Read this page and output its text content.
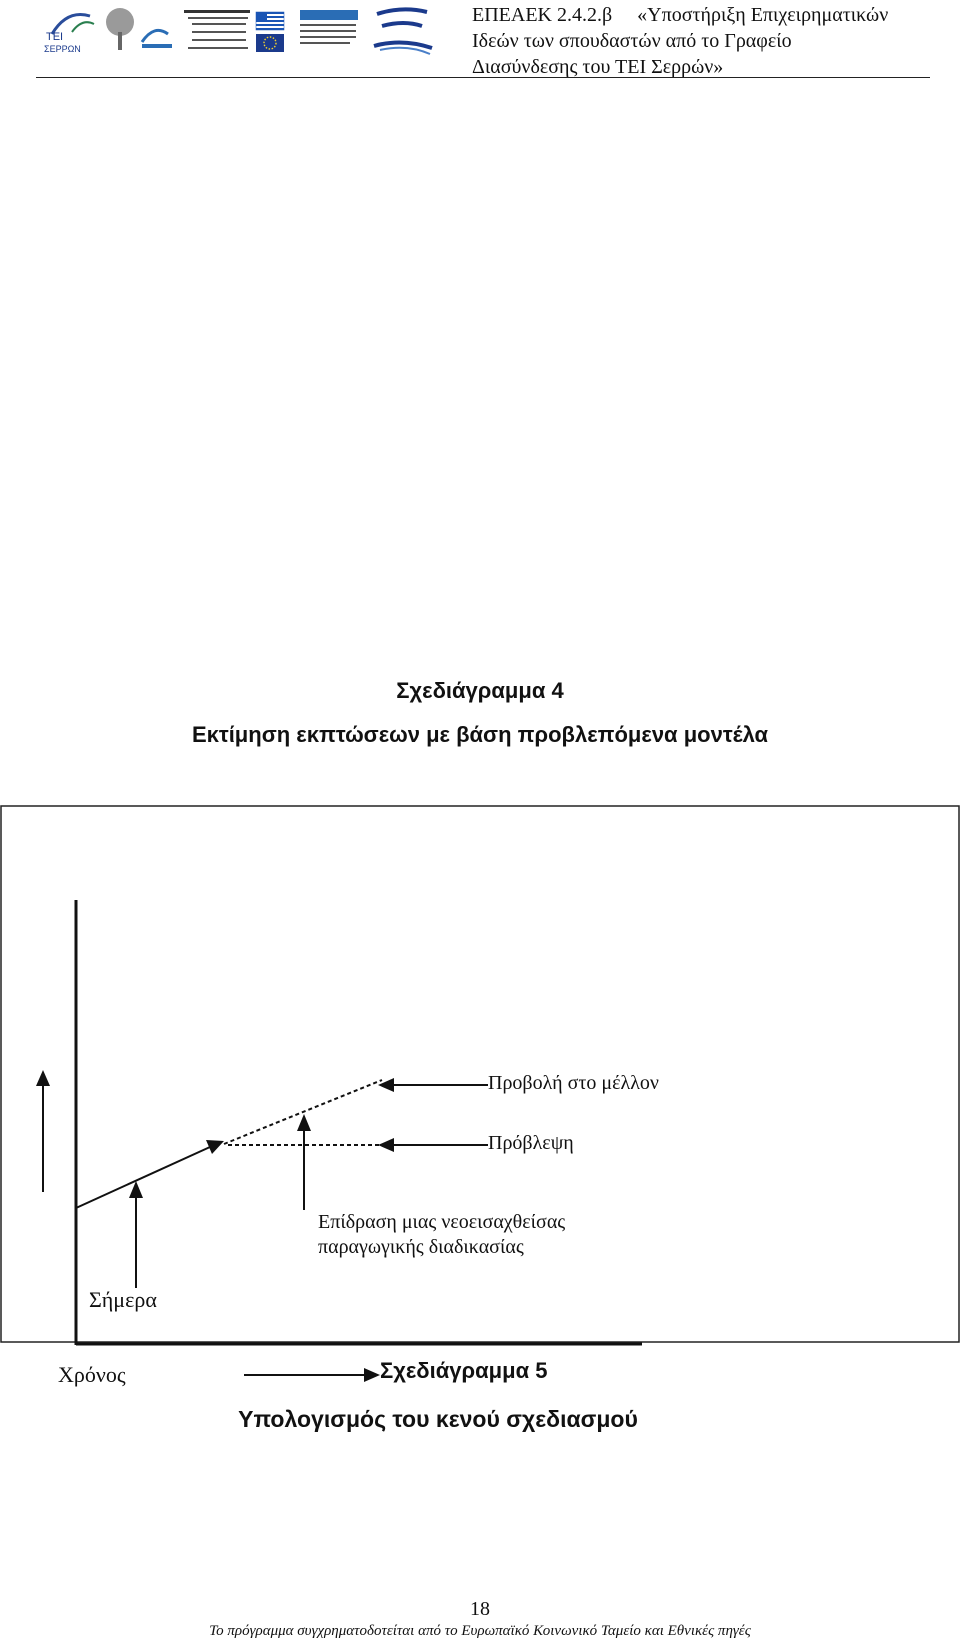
ΤΕΙ
ΣΕΡΡΩΝ
ΕΠΕΑΕΚ 2.4.2.β     «Υποστήριξη Επιχειρηματικών
Ιδεών των σπουδαστών από το Γραφείο
Διασύνδεσης του ΤΕΙ Σερρών»
Σχεδιάγραμμα 4
Εκτίμηση εκπτώσεων με βάση προβλεπόμενα μοντέλα
Προβολή στο μέλλον
Πρόβλεψη
Επίδραση μιας νεοεισαχθείσας
παραγωγικής διαδικασίας
Σήμερα
Χρόνος	Σχεδιάγραμμα 5
Υπολογισμός του κενού σχεδιασμού
18
Το πρόγραμμα συγχρηματοδοτείται από το Ευρωπαϊκό Κοινωνικό Ταμείο και Εθνικές πηγές
